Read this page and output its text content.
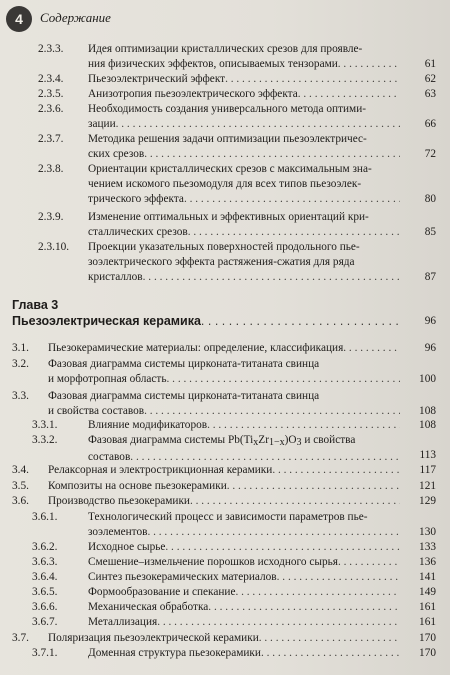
4	Содержание
Глава 3
Пьезоэлектрическая керамика . . .	96
2.3.3. Идея оптимизации кристаллических срезов для проявле-
ния физических эффектов, описываемых тензорами . . .	61
2.3.4. Пьезоэлектрический эффект . . .	62
2.3.5. Анизотропия пьезоэлектрического эффекта . . .	63
2.3.6. Необходимость создания универсального метода оптими-
зации . . .	66
2.3.7. Методика решения задачи оптимизации пьезоэлектричес-
ских срезов . . .	72
2.3.8. Ориентации кристаллических срезов с максимальным зна-
чением искомого пьезомодуля для всех типов пьезоэлек-
трического эффекта . . .	80
2.3.9. Изменение оптимальных и эффективных ориентаций кри-
сталлических срезов . . .	85
2.3.10. Проекции указательных поверхностей продольного пье-
зоэлектрического эффекта растяжения-сжатия для ряда
кристаллов . . .	87
3.1. Пьезокерамические материалы: определение, классификация . . .	96
3.2. Фазовая диаграмма системы цирконата-титаната свинца
и морфотропная область . . .	100
3.3. Фазовая диаграмма системы цирконата-титаната свинца
и свойства составов . . .	108
3.3.1.	Влияние модификаторов . . .	108
3.3.2.	Фазовая диаграмма системы Pb(TixZr1−x)O3 и свойства
составов . . .	113
3.4. Релаксорная и электрострикционная керамики . . .	117
3.5. Композиты на основе пьезокерамики . . .	121
3.6. Производство пьезокерамики . . .	129
3.6.1.	Технологический процесс и зависимости параметров пье-
зоэлементов . . .	130
3.6.2.	Исходное сырье . . .	133
3.6.3.	Смешение–измельчение порошков исходного сырья . . .	136
3.6.4.	Синтез пьезокерамических материалов . . .	141
3.6.5.	Формообразование и спекание . . .	149
3.6.6.	Механическая обработка . . .	161
3.6.7.	Металлизация . . .	161
3.7. Поляризация пьезоэлектрической керамики . . .	170
3.7.1.	Доменная структура пьезокерамики . . .	170
